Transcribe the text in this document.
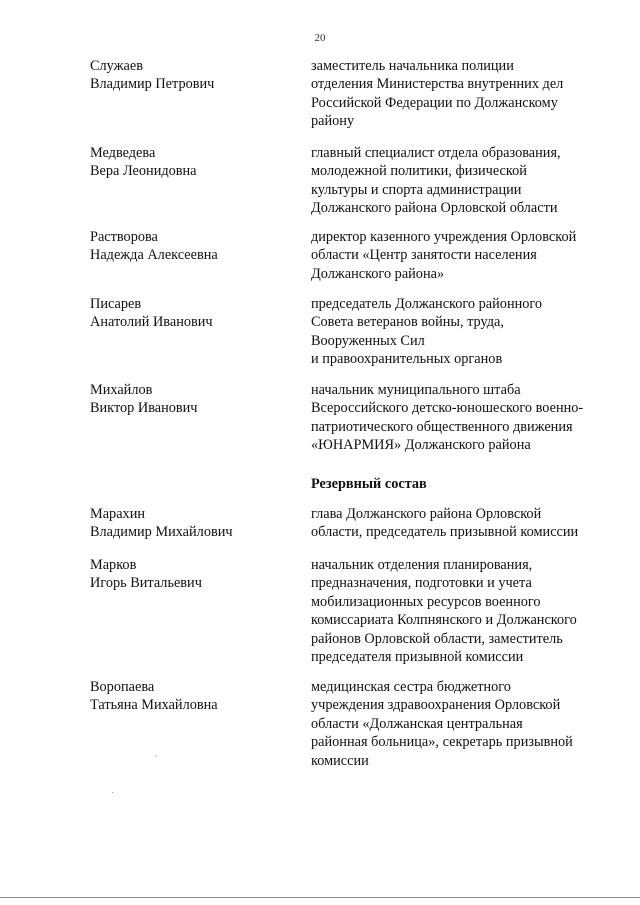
20
Служаев
Владимир Петрович
заместитель начальника полиции
отделения Министерства внутренних дел
Российской Федерации по Должанскому
району
Медведева
Вера Леонидовна
главный специалист отдела образования,
молодежной политики, физической
культуры и спорта администрации
Должанского района Орловской области
Растворова
Надежда Алексеевна
директор казенного учреждения Орловской
области «Центр занятости населения
Должанского района»
Писарев
Анатолий Иванович
председатель Должанского районного
Совета ветеранов войны, труда,
Вооруженных Сил
и правоохранительных органов
Михайлов
Виктор Иванович
начальник муниципального штаба
Всероссийского детско-юношеского военно-
патриотического общественного движения
«ЮНАРМИЯ» Должанского района
Резервный состав
Марахин
Владимир Михайлович
глава Должанского района Орловской
области, председатель призывной комиссии
Марков
Игорь Витальевич
начальник отделения планирования,
предназначения, подготовки и учета
мобилизационных ресурсов военного
комиссариата Колпнянского и Должанского
районов Орловской области, заместитель
председателя призывной комиссии
Воропаева
Татьяна Михайловна
медицинская сестра бюджетного
учреждения здравоохранения Орловской
области «Должанская центральная
районная больница», секретарь призывной
комиссии
